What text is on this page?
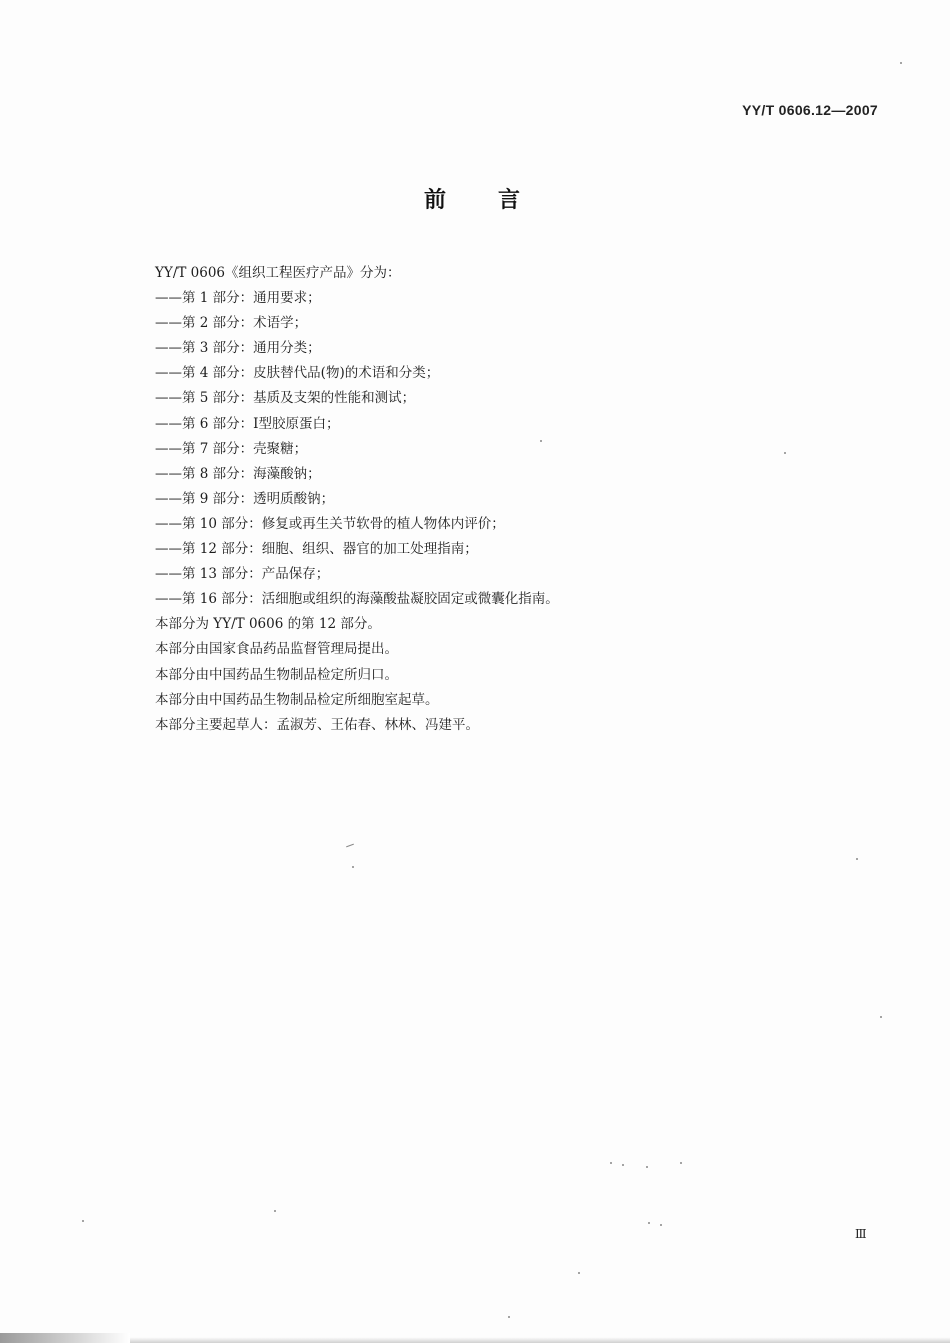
YY/T 0606.12—2007
前言
YY/T 0606《组织工程医疗产品》分为：
——第 1 部分：通用要求；
——第 2 部分：术语学；
——第 3 部分：通用分类；
——第 4 部分：皮肤替代品(物)的术语和分类；
——第 5 部分：基质及支架的性能和测试；
——第 6 部分：Ⅰ型胶原蛋白；
——第 7 部分：壳聚糖；
——第 8 部分：海藻酸钠；
——第 9 部分：透明质酸钠；
——第 10 部分：修复或再生关节软骨的植人物体内评价；
——第 12 部分：细胞、组织、器官的加工处理指南；
——第 13 部分：产品保存；
——第 16 部分：活细胞或组织的海藻酸盐凝胶固定或微囊化指南。
本部分为 YY/T 0606 的第 12 部分。
本部分由国家食品药品监督管理局提出。
本部分由中国药品生物制品检定所归口。
本部分由中国药品生物制品检定所细胞室起草。
本部分主要起草人：孟淑芳、王佑春、林林、冯建平。
Ⅲ
